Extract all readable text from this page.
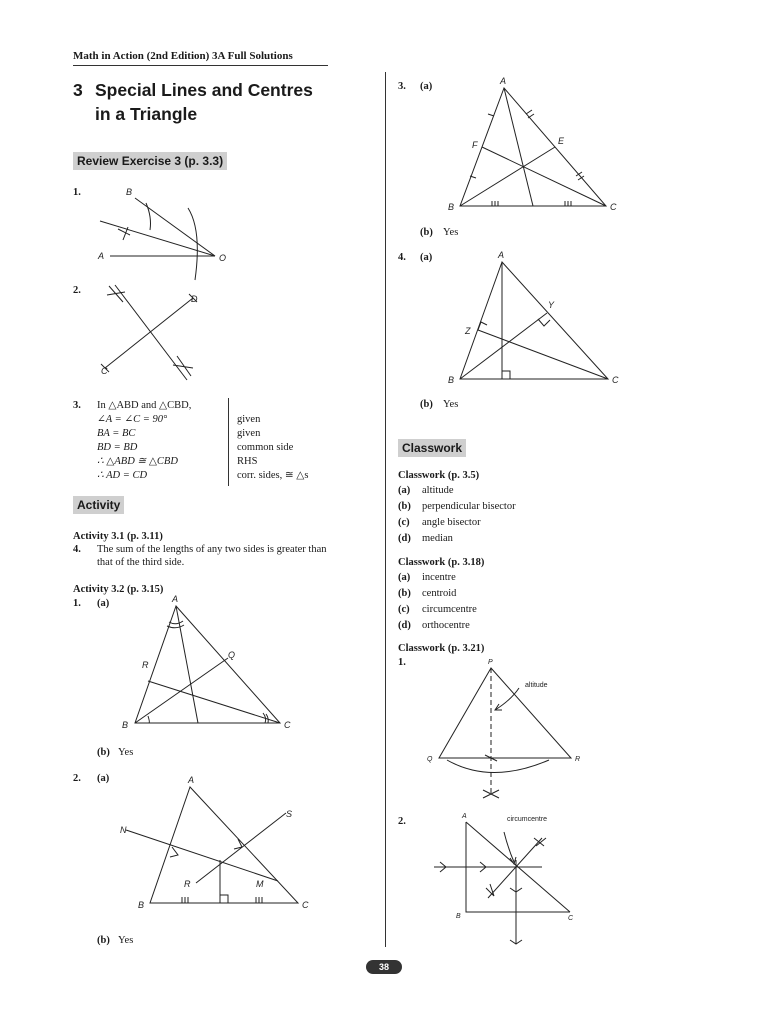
Math in Action (2nd Edition) 3A Full Solutions
3 Special Lines and Centres
in a Triangle
Review Exercise 3 (p. 3.3)
1.	B
A	O
2.
D
C
3. In △ABD and △CBD,
∠A = ∠C = 90°	given
BA = BC	given
BD = BD	common side
∴ △ABD ≅ △CBD	RHS
∴ AD = CD	corr. sides, ≅ △s
Activity
Activity 3.1 (p. 3.11)
4. The sum of the lengths of any two sides is greater than
that of the third side.
Activity 3.2 (p. 3.15)
1. (a)	A
B	C
Q
R
(b) Yes
2. (a)	A
B	C
N
S
R	M
(b) Yes
3. (a)	A
B	C
E
F
(b) Yes
4. (a)	A
B	C
Y
Z
(b) Yes
Classwork
Classwork (p. 3.5)
(a)	altitude
(b)	perpendicular bisector
(c)	angle bisector
(d)	median
Classwork (p. 3.18)
(a)	incentre
(b)	centroid
(c)	circumcentre
(d)	orthocentre
Classwork (p. 3.21)
1.	P
Q	R
altitude
2.	A
B	C
circumcentre
38
